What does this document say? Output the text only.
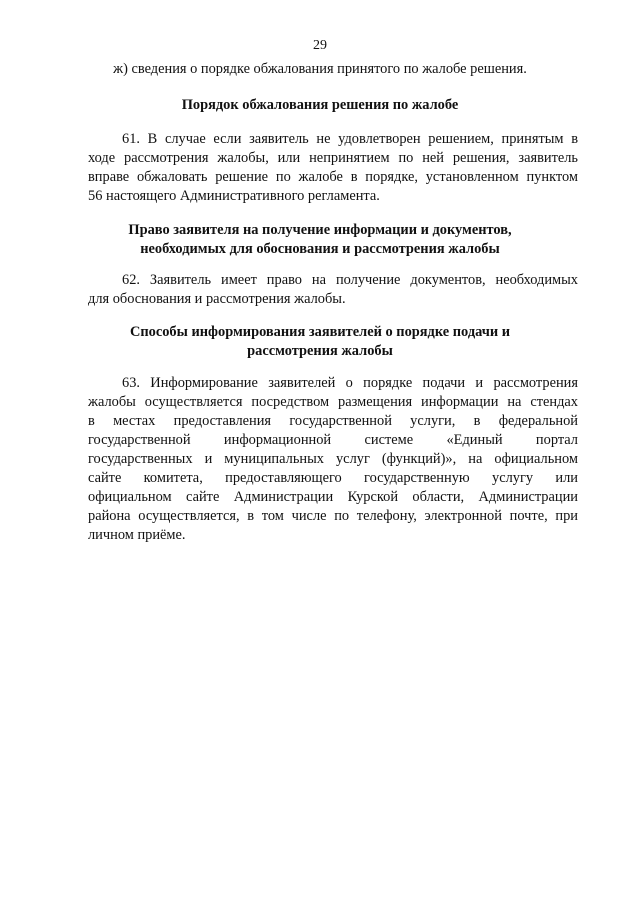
29
ж) сведения о порядке обжалования принятого по жалобе решения.
Порядок обжалования решения по жалобе
61. В случае если заявитель не удовлетворен решением, принятым в
ходе рассмотрения жалобы, или непринятием по ней решения, заявитель
вправе обжаловать решение по жалобе в порядке, установленном пунктом
56 настоящего Административного регламента.
Право заявителя на получение информации и документов,
необходимых для обоснования и рассмотрения жалобы
62. Заявитель имеет право на получение документов, необходимых
для обоснования и рассмотрения жалобы.
Способы информирования заявителей о порядке подачи и
рассмотрения жалобы
63. Информирование заявителей о порядке подачи и рассмотрения
жалобы осуществляется посредством размещения информации на стендах
в местах предоставления государственной услуги, в федеральной
государственной информационной системе «Единый портал
государственных и муниципальных услуг (функций)», на официальном
сайте комитета, предоставляющего государственную услугу или
официальном сайте Администрации Курской области, Администрации
района осуществляется, в том числе по телефону, электронной почте, при
личном приёме.
